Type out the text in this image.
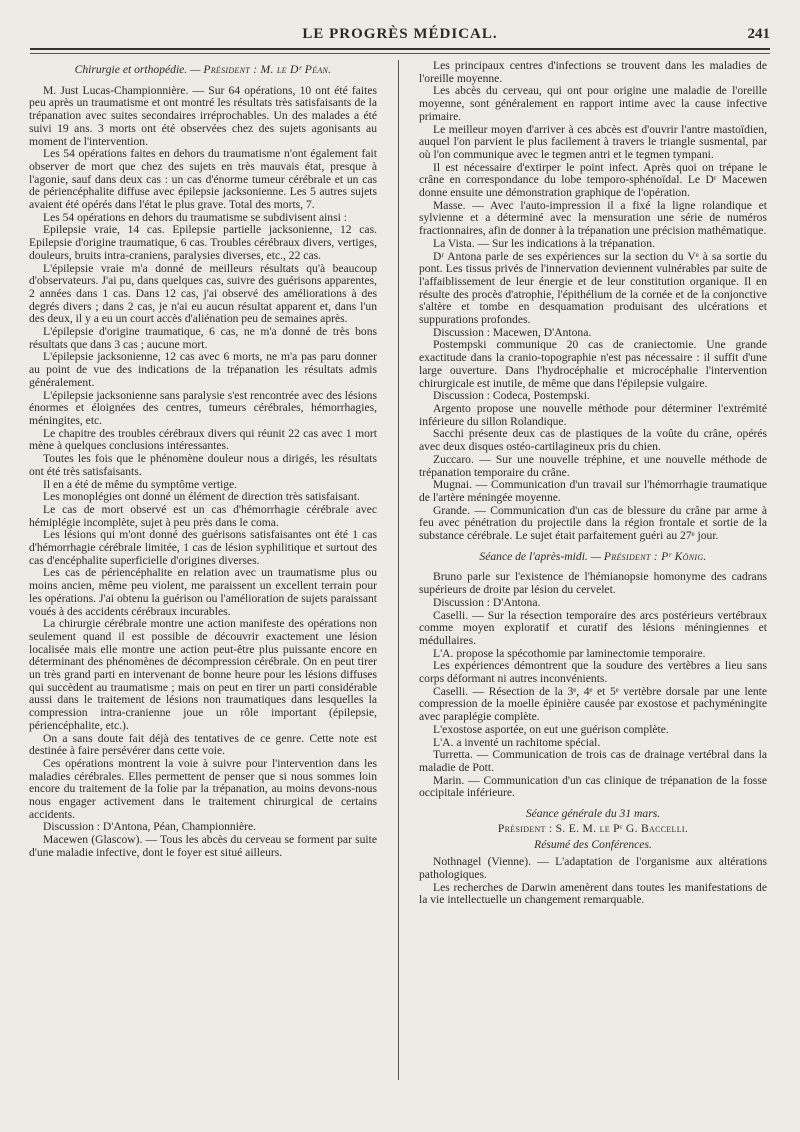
LE PROGRÈS MÉDICAL.	241

Chirurgie et orthopédie. — Président : M. le Dʳ Péan.

M. Just Lucas-Championnière. — Sur 64 opérations, 10 ont été faites peu après un traumatisme et ont montré les résultats très satisfaisants de la trépanation avec suites secondaires irréprochables. Un des malades a été suivi 19 ans. 3 morts ont été observées chez des sujets agonisants au moment de l'intervention.

Les 54 opérations faites en dehors du traumatisme n'ont également fait observer de mort que chez des sujets en très mauvais état, presque à l'agonie, sauf dans deux cas : un cas d'énorme tumeur cérébrale et un cas de périencéphalite diffuse avec épilepsie jacksonienne. Les 5 autres sujets avaient été opérés dans l'état le plus grave. Total des morts, 7.

Les 54 opérations en dehors du traumatisme se subdivisent ainsi :

Epilepsie vraie, 14 cas. Epilepsie partielle jacksonienne, 12 cas. Epilepsie d'origine traumatique, 6 cas. Troubles cérébraux divers, vertiges, douleurs, bruits intra-craniens, paralysies diverses, etc., 22 cas.

L'épilepsie vraie m'a donné de meilleurs résultats qu'à beaucoup d'observateurs. J'ai pu, dans quelques cas, suivre des guérisons apparentes, 2 années dans 1 cas. Dans 12 cas, j'ai observé des améliorations à des degrés divers ; dans 2 cas, je n'ai eu aucun résultat apparent et, dans l'un des deux, il y a eu un court accès d'aliénation peu de semaines après.

L'épilepsie d'origine traumatique, 6 cas, ne m'a donné de très bons résultats que dans 3 cas ; aucune mort.

L'épilepsie jacksonienne, 12 cas avec 6 morts, ne m'a pas paru donner au point de vue des indications de la trépanation les résultats admis généralement.

L'épilepsie jacksonienne sans paralysie s'est rencontrée avec des lésions énormes et éloignées des centres, tumeurs cérébrales, hémorrhagies, méningites, etc.

Le chapitre des troubles cérébraux divers qui réunit 22 cas avec 1 mort mène à quelques conclusions intéressantes.

Toutes les fois que le phénomène douleur nous a dirigés, les résultats ont été très satisfaisants.

Il en a été de même du symptôme vertige.

Les monoplégies ont donné un élément de direction très satisfaisant.

Le cas de mort observé est un cas d'hémorrhagie cérébrale avec hémiplégie incomplète, sujet à peu près dans le coma.

Les lésions qui m'ont donné des guérisons satisfaisantes ont été 1 cas d'hémorrhagie cérébrale limitée, 1 cas de lésion syphilitique et surtout des cas d'encéphalite superficielle d'origines diverses.

Les cas de périencéphalite en relation avec un traumatisme plus ou moins ancien, même peu violent, me paraissent un excellent terrain pour les opérations. J'ai obtenu la guérison ou l'amélioration de sujets paraissant voués à des accidents cérébraux incurables.

La chirurgie cérébrale montre une action manifeste des opérations non seulement quand il est possible de découvrir exactement une lésion localisée mais elle montre une action peut-être plus puissante encore en déterminant des phénomènes de décompression cérébrale. On en peut tirer un très grand parti en intervenant de bonne heure pour les lésions diffuses qui succèdent au traumatisme ; mais on peut en tirer un parti considérable aussi dans le traitement de lésions non traumatiques dans lesquelles la compression intra-cranienne joue un rôle important (épilepsie, périencéphalite, etc.).

On a sans doute fait déjà des tentatives de ce genre. Cette note est destinée à faire persévérer dans cette voie.

Ces opérations montrent la voie à suivre pour l'intervention dans les maladies cérébrales. Elles permettent de penser que si nous sommes loin encore du traitement de la folie par la trépanation, au moins devons-nous nous engager activement dans le traitement chirurgical de certains accidents.

Discussion : D'Antona, Péan, Championnière.

Macewen (Glascow). — Tous les abcès du cerveau se forment par suite d'une maladie infective, dont le foyer est situé ailleurs.

Les principaux centres d'infections se trouvent dans les maladies de l'oreille moyenne.

Les abcès du cerveau, qui ont pour origine une maladie de l'oreille moyenne, sont généralement en rapport intime avec la cause infective primaire.

Le meilleur moyen d'arriver à ces abcès est d'ouvrir l'antre mastoïdien, auquel l'on parvient le plus facilement à travers le triangle susmental, par où l'on communique avec le tegmen antri et le tegmen tympani.

Il est nécessaire d'extirper le point infect. Après quoi on trépane le crâne en correspondance du lobe temporo-sphénoïdal. Le Dʳ Macewen donne ensuite une démonstration graphique de l'opération.

Masse. — Avec l'auto-impression il a fixé la ligne rolandique et sylvienne et a déterminé avec la mensuration une série de numéros fractionnaires, afin de donner à la trépanation une précision mathématique.

La Vista. — Sur les indications à la trépanation.

Dʳ Antona parle de ses expériences sur la section du Vᵉ à sa sortie du pont. Les tissus privés de l'innervation deviennent vulnérables par suite de l'affaiblissement de leur énergie et de leur constitution organique. Il en résulte des procès d'atrophie, l'épithélium de la cornée et de la conjonctive s'altère et tombe en desquamation produisant des ulcérations et suppurations profondes.

Discussion : Macewen, D'Antona.

Postempski communique 20 cas de craniectomie. Une grande exactitude dans la cranio-topographie n'est pas nécessaire : il suffit d'une large ouverture. Dans l'hydrocéphalie et microcéphalie l'intervention chirurgicale est inutile, de même que dans l'épilepsie vulgaire.

Discussion : Codeca, Postempski.

Argento propose une nouvelle méthode pour déterminer l'extrémité inférieure du sillon Rolandique.

Sacchi présente deux cas de plastiques de la voûte du crâne, opérés avec deux disques ostéo-cartilagineux pris du chien.

Zuccaro. — Sur une nouvelle tréphine, et une nouvelle méthode de trépanation temporaire du crâne.

Mugnai. — Communication d'un travail sur l'hémorrhagie traumatique de l'artère méningée moyenne.

Grande. — Communication d'un cas de blessure du crâne par arme à feu avec pénétration du projectile dans la région frontale et sortie de la substance cérébrale. Le sujet était parfaitement guéri au 27ᵉ jour.

Séance de l'après-midi. — Président : Pʳ König.

Bruno parle sur l'existence de l'hémianopsie homonyme des cadrans supérieurs de droite par lésion du cervelet.

Discussion : D'Antona.

Caselli. — Sur la résection temporaire des arcs postérieurs vertébraux comme moyen exploratif et curatif des lésions méningiennes et médullaires.

L'A. propose la spécothomie par laminectomie temporaire.

Les expériences démontrent que la soudure des vertèbres a lieu sans corps déformant ni autres inconvénients.

Caselli. — Résection de la 3ᵉ, 4ᵉ et 5ᵉ vertèbre dorsale par une lente compression de la moelle épinière causée par exostose et pachyméningite avec paraplégie complète.

L'exostose asportée, on eut une guérison complète.

L'A. a inventé un rachitome spécial.

Turretta. — Communication de trois cas de drainage vertébral dans la maladie de Pott.

Marin. — Communication d'un cas clinique de trépanation de la fosse occipitale inférieure.

Séance générale du 31 mars.

Président : S. E. M. le Pʳ G. Baccelli.

Résumé des Conférences.

Nothnagel (Vienne). — L'adaptation de l'organisme aux altérations pathologiques.

Les recherches de Darwin amenèrent dans toutes les manifestations de la vie intellectuelle un changement remarquable.
